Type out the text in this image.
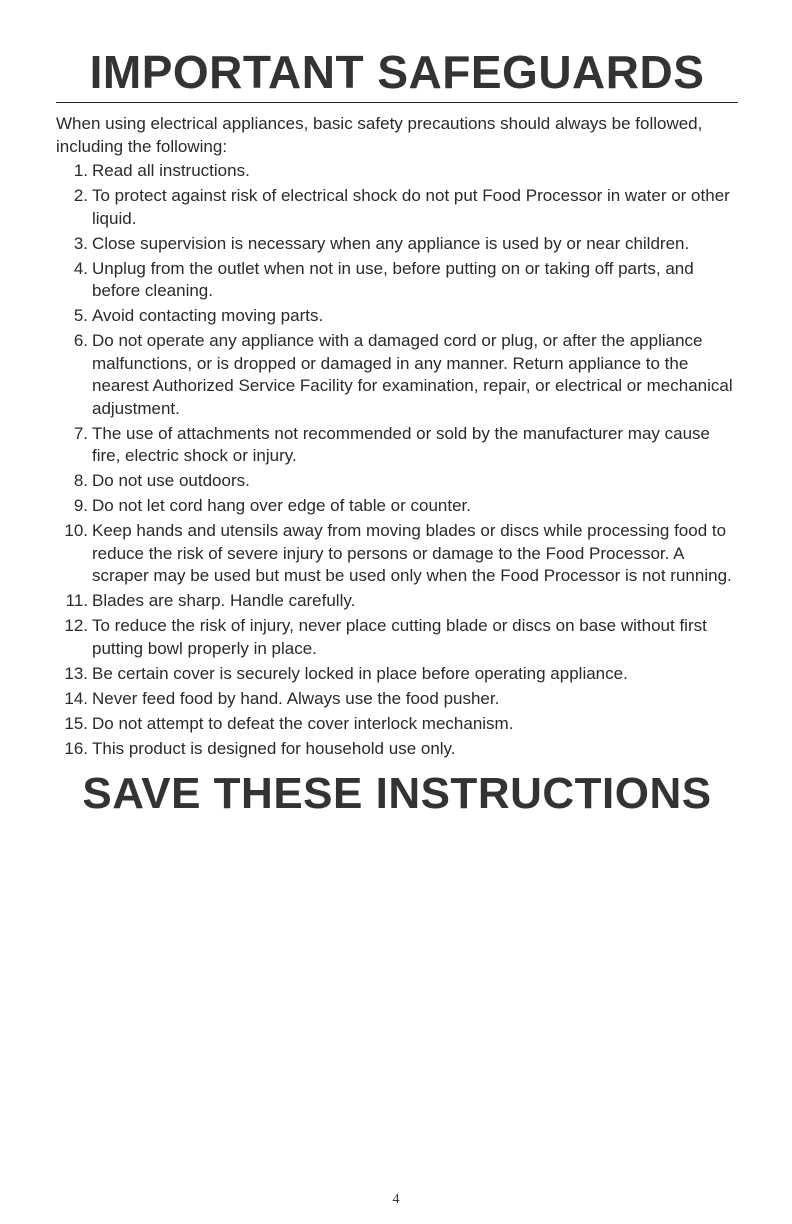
IMPORTANT SAFEGUARDS

When using electrical appliances, basic safety precautions should always be followed, including the following:

1. Read all instructions.
2. To protect against risk of electrical shock do not put Food Processor in water or other liquid.
3. Close supervision is necessary when any appliance is used by or near children.
4. Unplug from the outlet when not in use, before putting on or taking off parts, and before cleaning.
5. Avoid contacting moving parts.
6. Do not operate any appliance with a damaged cord or plug, or after the appliance malfunctions, or is dropped or damaged in any manner. Return appliance to the nearest Authorized Service Facility for examination, repair, or electrical or mechanical adjustment.
7. The use of attachments not recommended or sold by the manufacturer may cause fire, electric shock or injury.
8. Do not use outdoors.
9. Do not let cord hang over edge of table or counter.
10. Keep hands and utensils away from moving blades or discs while processing food to reduce the risk of severe injury to persons or damage to the Food Processor. A scraper may be used but must be used only when the Food Processor is not running.
11. Blades are sharp. Handle carefully.
12. To reduce the risk of injury, never place cutting blade or discs on base without first putting bowl properly in place.
13. Be certain cover is securely locked in place before operating appliance.
14. Never feed food by hand. Always use the food pusher.
15. Do not attempt to defeat the cover interlock mechanism.
16. This product is designed for household use only.
SAVE THESE INSTRUCTIONS
4
